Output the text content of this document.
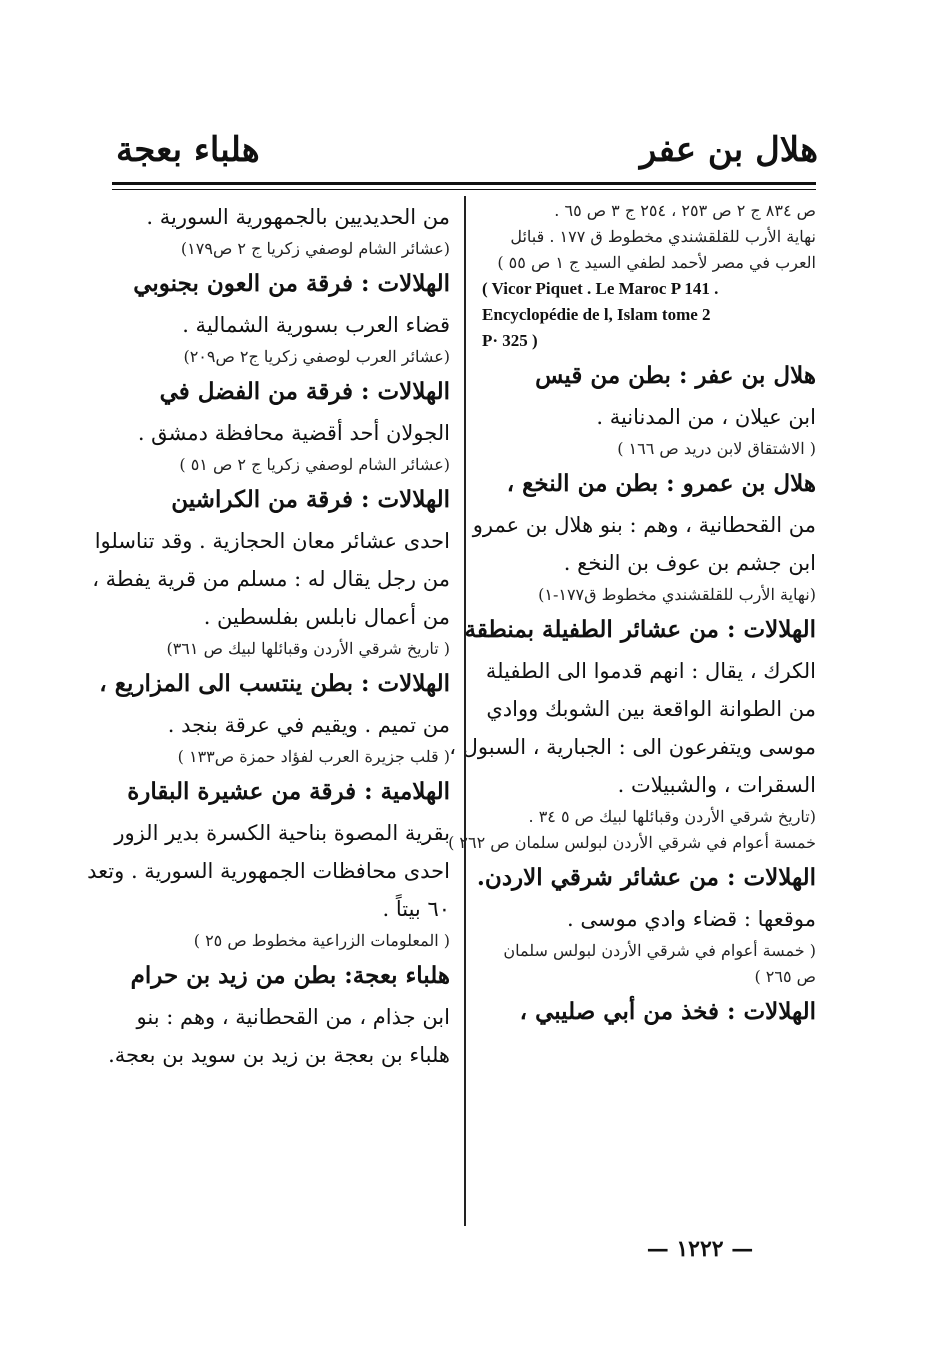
هلال بن عفر
هلباء بعجة

ص ٨٣٤ ج ٢ ص ٢٥٣ ، ٢٥٤ ج ٣ ص ٦٥ .

نهاية الأرب للقلقشندي مخطوط ق ١٧٧ . قبائل

العرب في مصر لأحمد لطفي السيد ج ١ ص ٥٥ )

( Vicor Piquet . Le Maroc P 141 .

Encyclopédie de l, Islam tome 2

P· 325 )

هلال بن عفر : بطن من قيس

ابن عيلان ، من المدنانية .

( الاشتقاق لابن دريد ص ١٦٦ )

هلال بن عمرو : بطن من النخع ،

من القحطانية ، وهم : بنو هلال بن عمرو

ابن جشم بن عوف بن النخع .

(نهاية الأرب للقلقشندي مخطوط ق١٧٧-١)

الهلالات : من عشائر الطفيلة بمنطقة

الكرك ، يقال : انهم قدموا الى الطفيلة

من الطوانة الواقعة بين الشوبك ووادي

موسى ويتفرعون الى : الجبارية ، السبول ،

السقرات ، والشبيلات .

(تاريخ شرقي الأردن وقبائلها لبيك ص ٥ ٣٤ .

خمسة أعوام في شرقي الأردن لبولس سلمان ص ٢٦٢ )

الهلالات : من عشائر شرقي الاردن.

موقعها : قضاء وادي موسى .

( خمسة أعوام في شرقي الأردن لبولس سلمان

ص ٢٦٥ )

الهلالات : فخذ من أبي صليبي ،

من الحديديين بالجمهورية السورية .

(عشائر الشام لوصفي زكريا ج ٢ ص١٧٩)

الهلالات : فرقة من العون بجنوبي

قضاء العرب بسورية الشمالية .

(عشائر العرب لوصفي زكريا ج٢ ص٢٠٩)

الهلالات : فرقة من الفضل في

الجولان أحد أقضية محافظة دمشق .

(عشائر الشام لوصفي زكريا ج ٢ ص ٥١ )

الهلالات : فرقة من الكراشين

احدى عشائر معان الحجازية . وقد تناسلوا

من رجل يقال له : مسلم من قرية يفطة ،

من أعمال نابلس بفلسطين .

( تاريخ شرقي الأردن وقبائلها لبيك ص ٣٦١)

الهلالات : بطن ينتسب الى المزاريع ،

من تميم . ويقيم في عرقة بنجد .

( قلب جزيرة العرب لفؤاد حمزة ص١٣٣ )

الهلامية : فرقة من عشيرة البقارة

بقرية المصوة بناحية الكسرة بدير الزور

احدى محافظات الجمهورية السورية . وتعد

٦٠ بيتاً .

( المعلومات الزراعية مخطوط ص ٢٥ )

هلباء بعجة: بطن من زيد بن حرام

ابن جذام ، من القحطانية ، وهم : بنو

هلباء بن بعجة بن زيد بن سويد بن بعجة.

— ١٢٢٢ —
